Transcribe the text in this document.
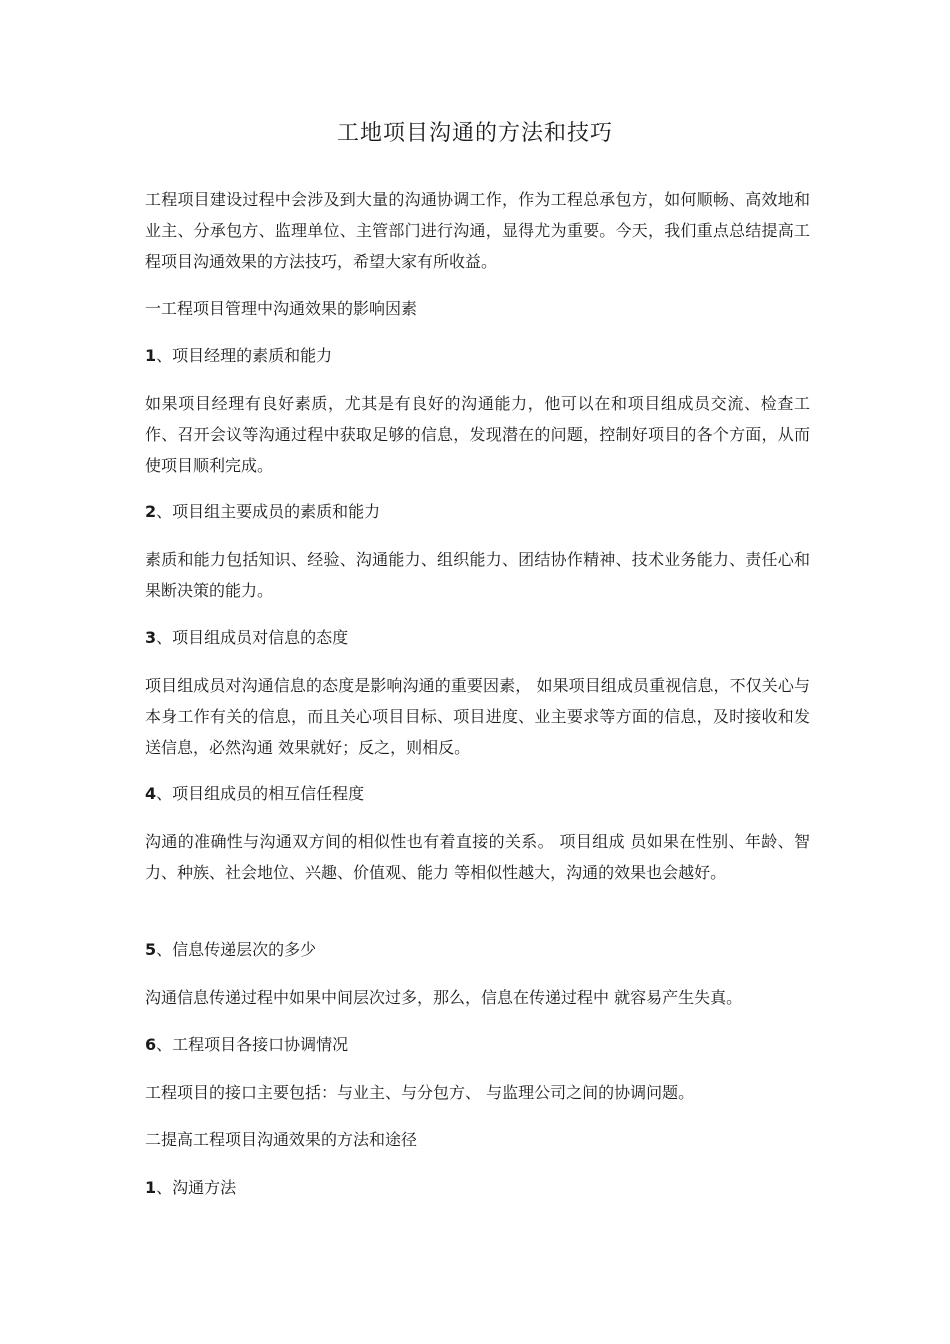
工地项目沟通的方法和技巧

工程项目建设过程中会涉及到大量的沟通协调工作，作为工程总承包方，如何顺畅、高效地和业主、分承包方、监理单位、主管部门进行沟通，显得尤为重要。今天，我们重点总结提高工程项目沟通效果的方法技巧，希望大家有所收益。

一工程项目管理中沟通效果的影响因素

1、项目经理的素质和能力

如果项目经理有良好素质，尤其是有良好的沟通能力，他可以在和项目组成员交流、检查工作、召开会议等沟通过程中获取足够的信息，发现潜在的问题，控制好项目的各个方面，从而使项目顺利完成。

2、项目组主要成员的素质和能力

素质和能力包括知识、经验、沟通能力、组织能力、团结协作精神、技术业务能力、责任心和果断决策的能力。

3、项目组成员对信息的态度

项目组成员对沟通信息的态度是影响沟通的重要因素， 如果项目组成员重视信息，不仅关心与本身工作有关的信息，而且关心项目目标、项目进度、业主要求等方面的信息，及时接收和发送信息，必然沟通 效果就好；反之，则相反。

4、项目组成员的相互信任程度

沟通的准确性与沟通双方间的相似性也有着直接的关系。 项目组成 员如果在性别、年龄、智力、种族、社会地位、兴趣、价值观、能力 等相似性越大，沟通的效果也会越好。

5、信息传递层次的多少

沟通信息传递过程中如果中间层次过多，那么，信息在传递过程中 就容易产生失真。

6、工程项目各接口协调情况

工程项目的接口主要包括：与业主、与分包方、 与监理公司之间的协调问题。

二提高工程项目沟通效果的方法和途径

1、沟通方法
